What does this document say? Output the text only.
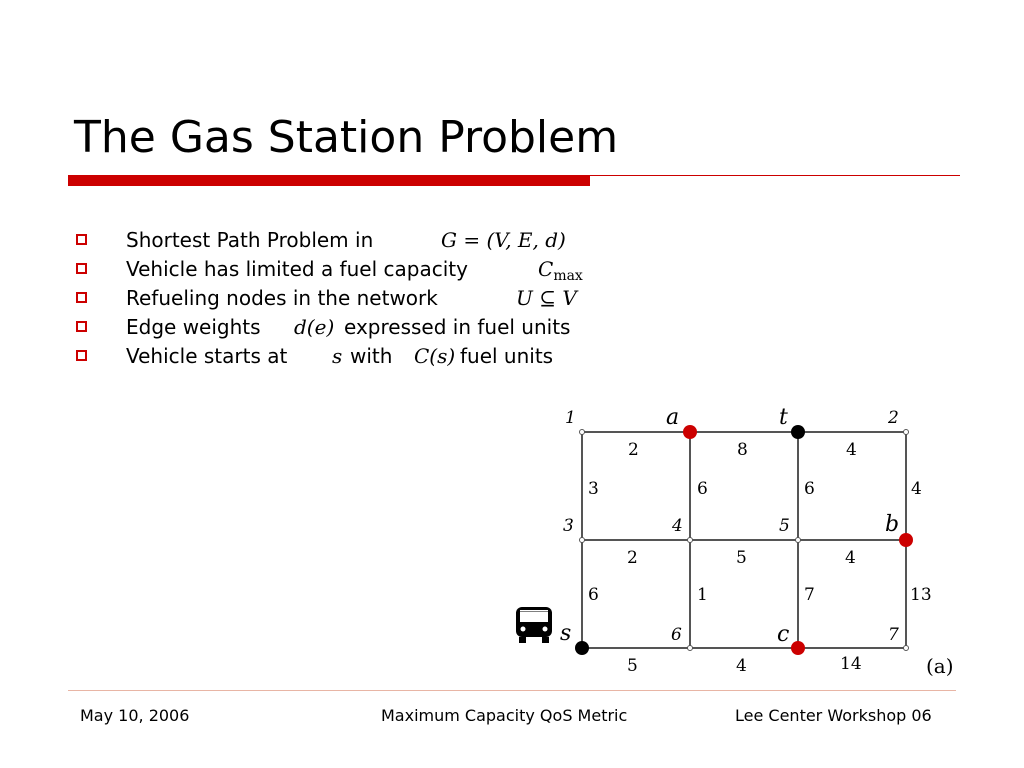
The Gas Station Problem
Shortest Path Problem in	G = (V, E, d)
Vehicle has limited a fuel capacity	$C_{max}$
Refueling nodes in the network	U ⊆ V
Edge weights d(e) expressed in fuel units
Vehicle starts at s with C(s) fuel units
1	2
3	4	5
6	7
a	t
b
s	c
2	8	4
3	6	6	4
2	5	4
6	1	7	13
5	4	14	(a)
May 10, 2006	Maximum Capacity QoS Metric	Lee Center Workshop 06
